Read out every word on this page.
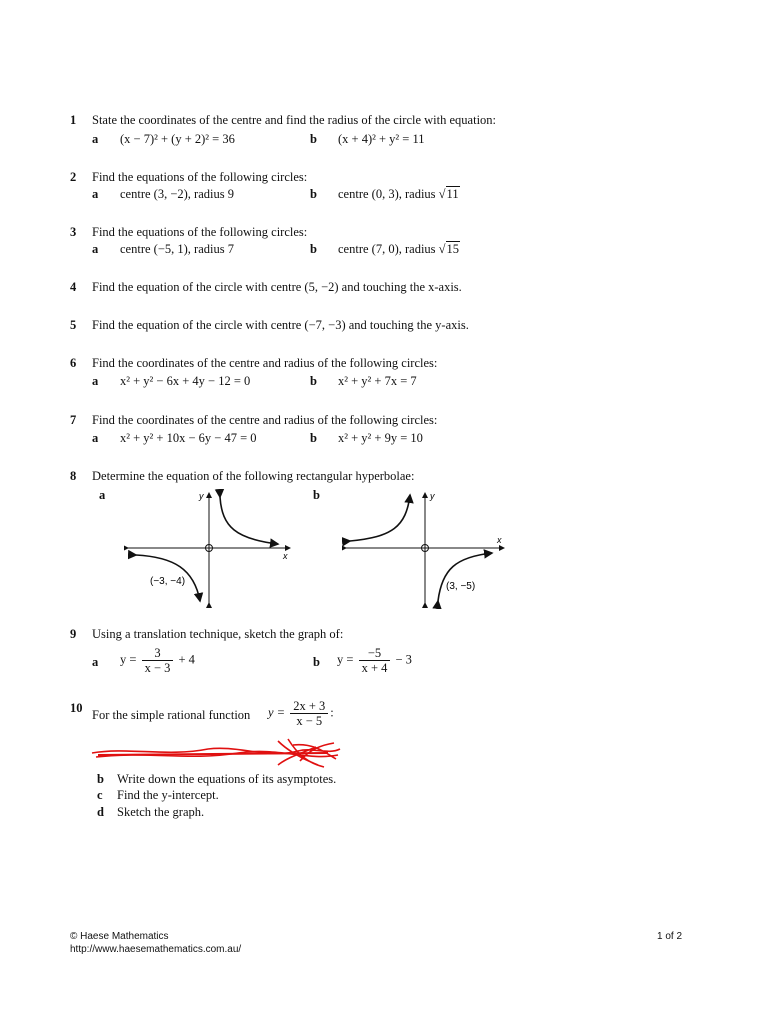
1	State the coordinates of the centre and find the radius of the circle with equation:
a	(x − 7)² + (y + 2)² = 36	b	(x + 4)² + y² = 11
2	Find the equations of the following circles:
a	centre (3, −2), radius 9	b	centre (0, 3), radius √11
3	Find the equations of the following circles:
a	centre (−5, 1), radius 7	b	centre (7, 0), radius √15
4	Find the equation of the circle with centre (5, −2) and touching the x-axis.
5	Find the equation of the circle with centre (−7, −3) and touching the y-axis.
6	Find the coordinates of the centre and radius of the following circles:
a	x² + y² − 6x + 4y − 12 = 0	b	x² + y² + 7x = 7
7	Find the coordinates of the centre and radius of the following circles:
a	x² + y² + 10x − 6y − 47 = 0	b	x² + y² + 9y = 10
8	Determine the equation of the following rectangular hyperbolae:
a	b
x
y
(−3, −4)
x
y
(3, −5)
9	Using a translation technique, sketch the graph of:
a	$y = \frac{3}{x - 3} + 4$	b	$y = \frac{-5}{x + 4} - 3$
10 For the simple rational function $y = \frac{2x + 3}{x - 5}$ :
b	Write down the equations of its asymptotes.
c	Find the y-intercept.
d	Sketch the graph.
© Haese Mathematics
http://www.haesemathematics.com.au/
1 of 2
